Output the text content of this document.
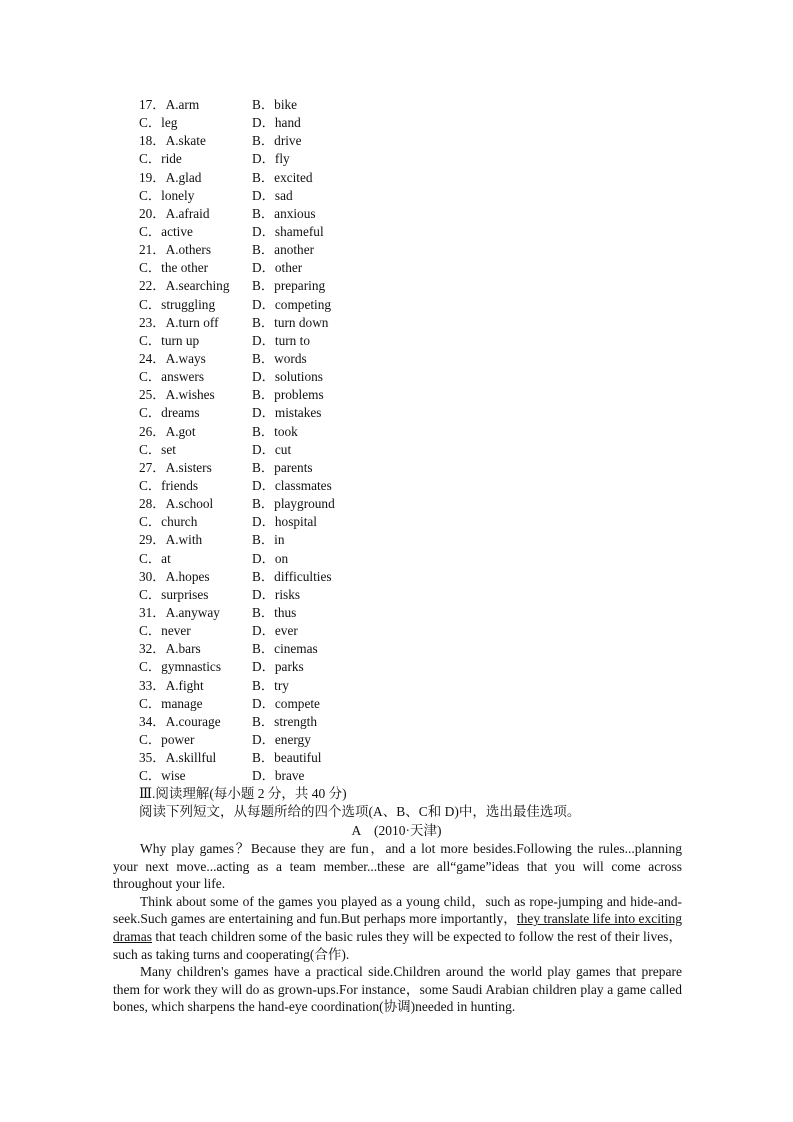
17．A.arm	B．bike
C．leg	D．hand
18．A.skate	B．drive
C．ride	D．fly
19．A.glad	B．excited
C．lonely	D．sad
20．A.afraid	B．anxious
C．active	D．shameful
21．A.others	B．another
C．the other	D．other
22．A.searching B．preparing
C．struggling	D．competing
23．A.turn off	B．turn down
C．turn up	D．turn to
24．A.ways	B．words
C．answers	D．solutions
25．A.wishes	B．problems
C．dreams	D．mistakes
26．A.got	B．took
C．set	D．cut
27．A.sisters	B．parents
C．friends	D．classmates
28．A.school	B．playground
C．church	D．hospital
29．A.with	B．in
C．at	D．on
30．A.hopes	B．difficulties
C．surprises	D．risks
31．A.anyway B．thus
C．never	D．ever
32．A.bars	B．cinemas
C．gymnastics D．parks
33．A.fight	B．try
C．manage	D．compete
34．A.courage B．strength
C．power	D．energy
35．A.skillful	B．beautiful
C．wise	D．brave
Ⅲ.阅读理解(每小题 2 分，共 40 分)
阅读下列短文，从每题所给的四个选项(A、B、C和 D)中，选出最佳选项。
A　(2010·天津)

Why play games？Because they are fun，and a lot more besides.Following the rules...planning your next move...acting as a team member...these are all“game”ideas that you will come across throughout your life.

Think about some of the games you played as a young child，such as rope-jumping and hide-and-seek.Such games are entertaining and fun.But perhaps more importantly，they translate life into exciting dramas that teach children some of the basic rules they will be expected to follow the rest of their lives，such as taking turns and cooperating(合作).

Many children's games have a practical side.Children around the world play games that prepare them for work they will do as grown-ups.For instance，some Saudi Arabian children play a game called bones, which sharpens the hand-eye coordination(协调)needed in hunting.
